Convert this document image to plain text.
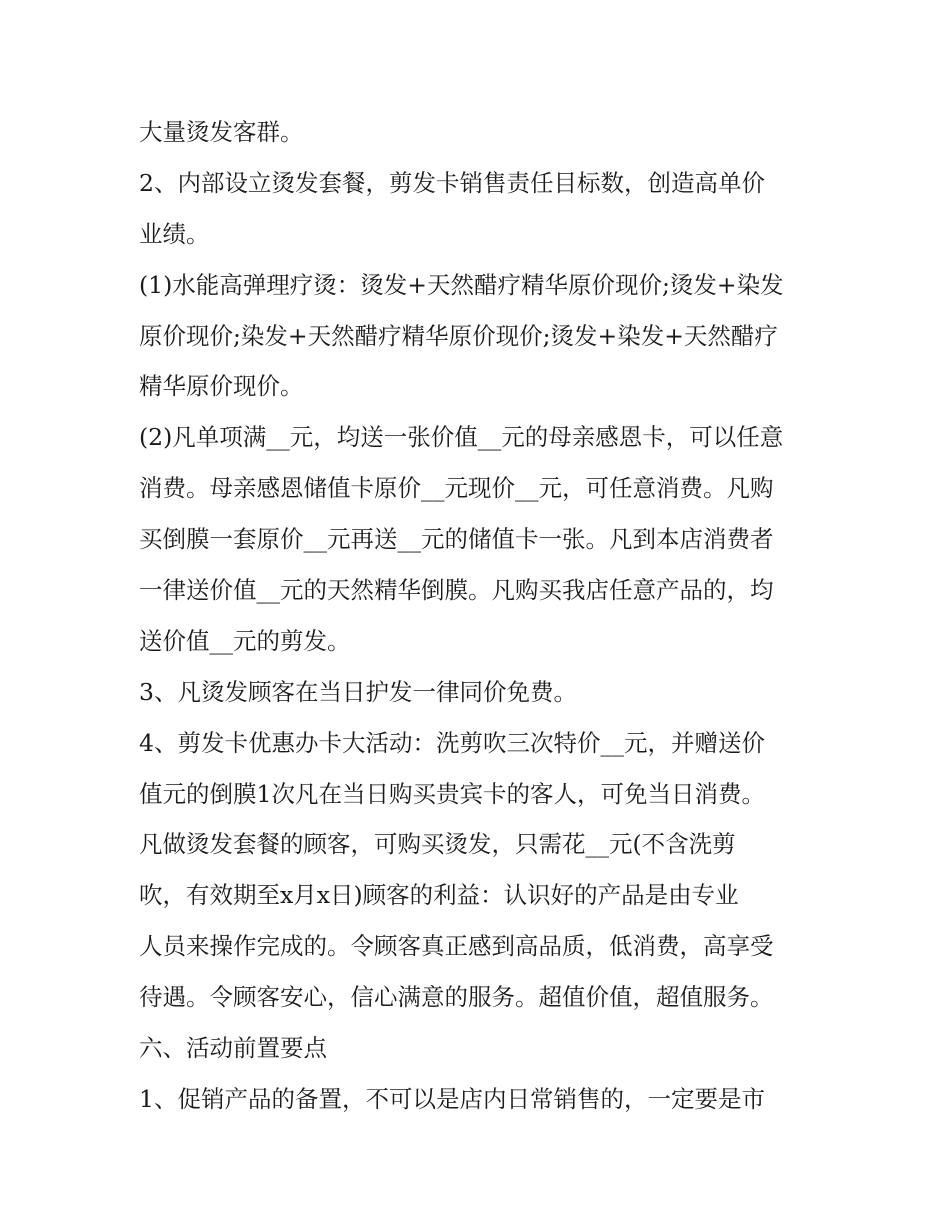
大量烫发客群。
2、内部设立烫发套餐，剪发卡销售责任目标数，创造高单价
业绩。
(1)水能高弹理疗烫：烫发+天然醋疗精华原价现价;烫发+染发
原价现价;染发+天然醋疗精华原价现价;烫发+染发+天然醋疗
精华原价现价。
(2)凡单项满__元，均送一张价值__元的母亲感恩卡，可以任意
消费。母亲感恩储值卡原价__元现价__元，可任意消费。凡购
买倒膜一套原价__元再送__元的储值卡一张。凡到本店消费者
一律送价值__元的天然精华倒膜。凡购买我店任意产品的，均
送价值__元的剪发。
3、凡烫发顾客在当日护发一律同价免费。
4、剪发卡优惠办卡大活动：洗剪吹三次特价__元，并赠送价
值元的倒膜1次凡在当日购买贵宾卡的客人，可免当日消费。
凡做烫发套餐的顾客，可购买烫发，只需花__元(不含洗剪
吹，有效期至x月x日)顾客的利益：认识好的产品是由专业
人员来操作完成的。令顾客真正感到高品质，低消费，高享受
待遇。令顾客安心，信心满意的服务。超值价值，超值服务。
六、活动前置要点
1、促销产品的备置，不可以是店内日常销售的，一定要是市
